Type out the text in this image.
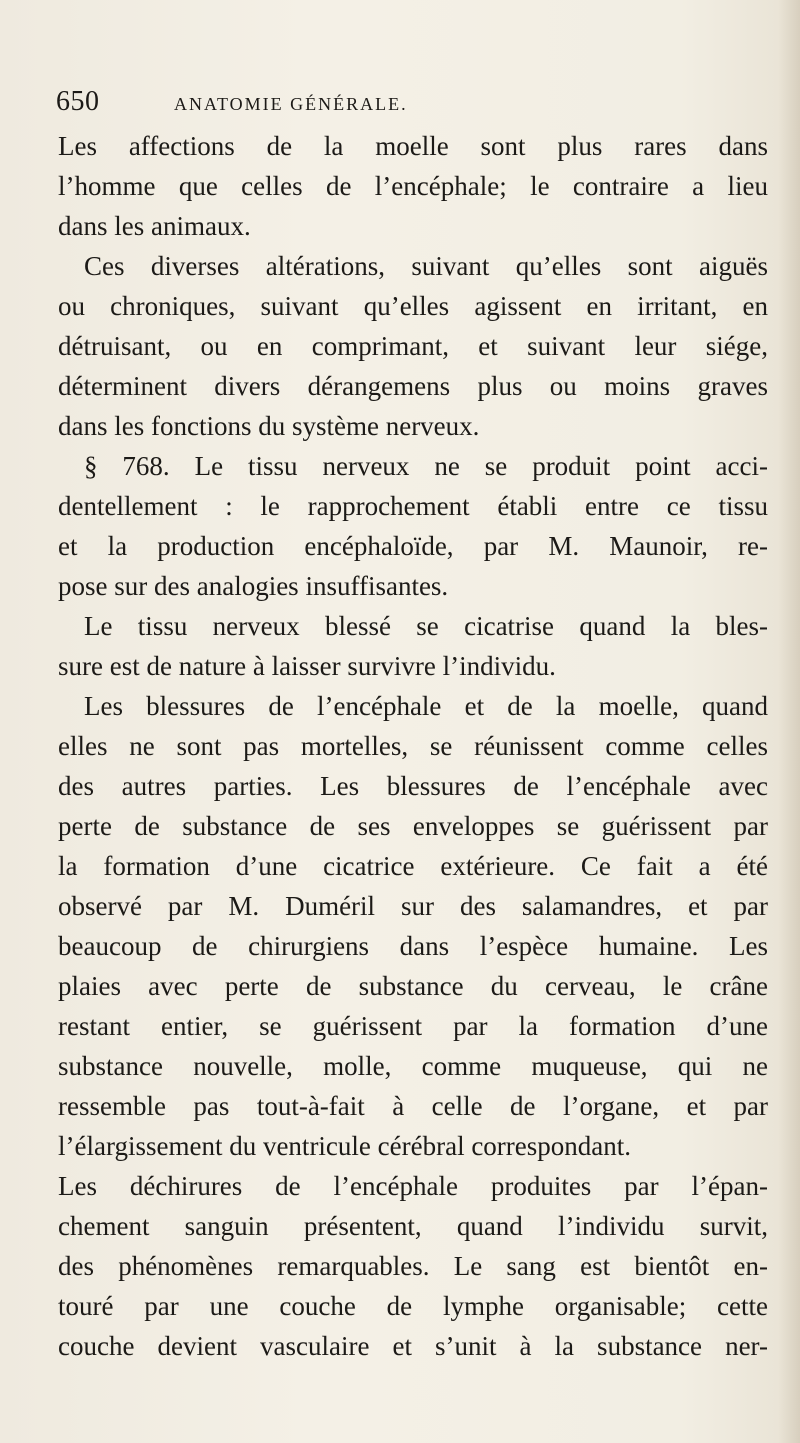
650	ANATOMIE GÉNÉRALE.
Les affections de la moelle sont plus rares dans
l’homme que celles de l’encéphale; le contraire a lieu
dans les animaux.
Ces diverses altérations, suivant qu’elles sont aiguës
ou chroniques, suivant qu’elles agissent en irritant, en
détruisant, ou en comprimant, et suivant leur siége,
déterminent divers dérangemens plus ou moins graves
dans les fonctions du système nerveux.
§ 768. Le tissu nerveux ne se produit point acci-
dentellement : le rapprochement établi entre ce tissu
et la production encéphaloïde, par M. Maunoir, re-
pose sur des analogies insuffisantes.
Le tissu nerveux blessé se cicatrise quand la bles-
sure est de nature à laisser survivre l’individu.
Les blessures de l’encéphale et de la moelle, quand
elles ne sont pas mortelles, se réunissent comme celles
des autres parties. Les blessures de l’encéphale avec
perte de substance de ses enveloppes se guérissent par
la formation d’une cicatrice extérieure. Ce fait a été
observé par M. Duméril sur des salamandres, et par
beaucoup de chirurgiens dans l’espèce humaine. Les
plaies avec perte de substance du cerveau, le crâne
restant entier, se guérissent par la formation d’une
substance nouvelle, molle, comme muqueuse, qui ne
ressemble pas tout-à-fait à celle de l’organe, et par
l’élargissement du ventricule cérébral correspondant.
Les déchirures de l’encéphale produites par l’épan-
chement sanguin présentent, quand l’individu survit,
des phénomènes remarquables. Le sang est bientôt en-
touré par une couche de lymphe organisable; cette
couche devient vasculaire et s’unit à la substance ner-
